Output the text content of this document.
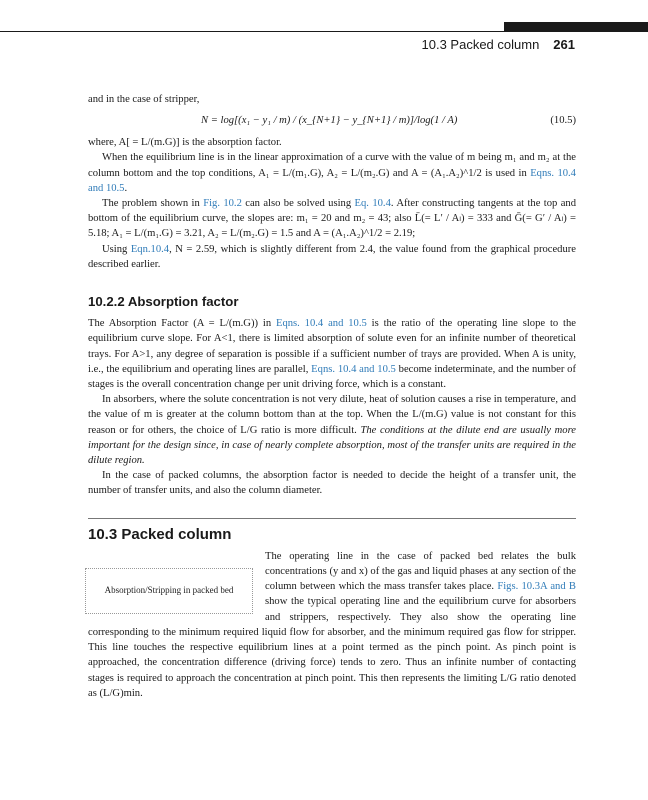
10.3 Packed column 261

and in the case of stripper,

N = log[(x₁ − y₁ / m) / (x_{N+1} − y_{N+1} / m)]/log(1 / A)	(10.5)

where, A[ = L/(m.G)] is the absorption factor.

When the equilibrium line is in the linear approximation of a curve with the value of m being m₁ and m₂ at the column bottom and the top conditions, A₁ = L/(m₁.G), A₂ = L/(m₂.G) and A = (A₁.A₂)^1/2 is used in Eqns. 10.4 and 10.5.

The problem shown in Fig. 10.2 can also be solved using Eq. 10.4. After constructing tangents at the top and bottom of the equilibrium curve, the slopes are: m₁ = 20 and m₂ = 43; also L̄(= L′ / Aₗ) = 333 and Ḡ(= G′ / Aₗ) = 5.18; A₁ = L/(m₁.G) = 3.21, A₂ = L/(m₂.G) = 1.5 and A = (A₁.A₂)^1/2 = 2.19;

Using Eqn.10.4, N = 2.59, which is slightly different from 2.4, the value found from the graphical procedure described earlier.

10.2.2 Absorption factor

The Absorption Factor (A = L/(m.G)) in Eqns. 10.4 and 10.5 is the ratio of the operating line slope to the equilibrium curve slope. For A<1, there is limited absorption of solute even for an infinite number of theoretical trays. For A>1, any degree of separation is possible if a sufficient number of trays are provided. When A is unity, i.e., the equilibrium and operating lines are parallel, Eqns. 10.4 and 10.5 become indeterminate, and the number of stages is the overall concentration change per unit driving force, which is a constant.

In absorbers, where the solute concentration is not very dilute, heat of solution causes a rise in temperature, and the value of m is greater at the column bottom than at the top. When the L/(m.G) value is not constant for this reason or for others, the choice of L/G ratio is more difficult. The conditions at the dilute end are usually more important for the design since, in case of nearly complete absorption, most of the transfer units are required in the dilute region.

In the case of packed columns, the absorption factor is needed to decide the height of a transfer unit, the number of transfer units, and also the column diameter.

10.3 Packed column

Absorption/Stripping in packed bed
The operating line in the case of packed bed relates the bulk concentrations (y and x) of the gas and liquid phases at any section of the column between which the mass transfer takes place. Figs. 10.3A and B show the typical operating line and the equilibrium curve for absorbers and strippers, respectively. They also show the operating line corresponding to the minimum required liquid flow for absorber, and the minimum required gas flow for stripper. This line touches the respective equilibrium lines at a point termed as the pinch point. As pinch point is approached, the concentration difference (driving force) tends to zero. Thus an infinite number of contacting stages is required to approach the concentration at pinch point. This then represents the limiting L/G ratio denoted as (L/G)min.
